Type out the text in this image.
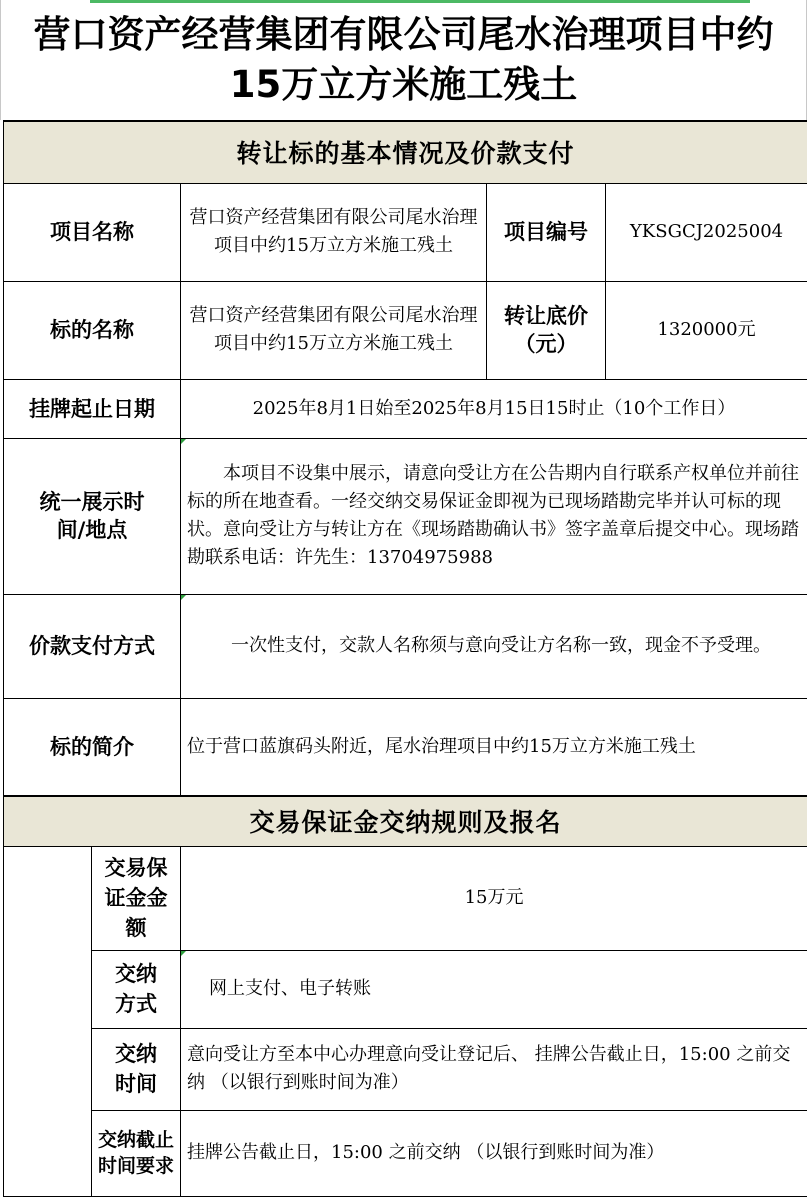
营口资产经营集团有限公司尾水治理项目中约15万立方米施工残土
转让标的基本情况及价款支付			
项目名称	营口资产经营集团有限公司尾水治理项目中约15万立方米施工残土	项目编号	YKSGCJ2025004
标的名称	营口资产经营集团有限公司尾水治理项目中约15万立方米施工残土	转让底价（元）	1320000元
挂牌起止日期	2025年8月1日始至2025年8月15日15时止（10个工作日）		
统一展示时间/地点	本项目不设集中展示，请意向受让方在公告期内自行联系产权单位并前往标的所在地查看。一经交纳交易保证金即视为已现场踏勘完毕并认可标的现状。意向受让方与转让方在《现场踏勘确认书》签字盖章后提交中心。现场踏勘联系电话：许先生：13704975988		
价款支付方式	一次性支付，交款人名称须与意向受让方名称一致，现金不予受理。		
标的简介	位于营口蓝旗码头附近，尾水治理项目中约15万立方米施工残土		
交易保证金交纳规则及报名		
	交易保证金金额	15万元
	交纳方式	网上支付、电子转账
	交纳时间	意向受让方至本中心办理意向受让登记后、 挂牌公告截止日，15:00 之前交纳 （以银行到账时间为准）
	交纳截止时间要求	挂牌公告截止日，15:00 之前交纳 （以银行到账时间为准）
